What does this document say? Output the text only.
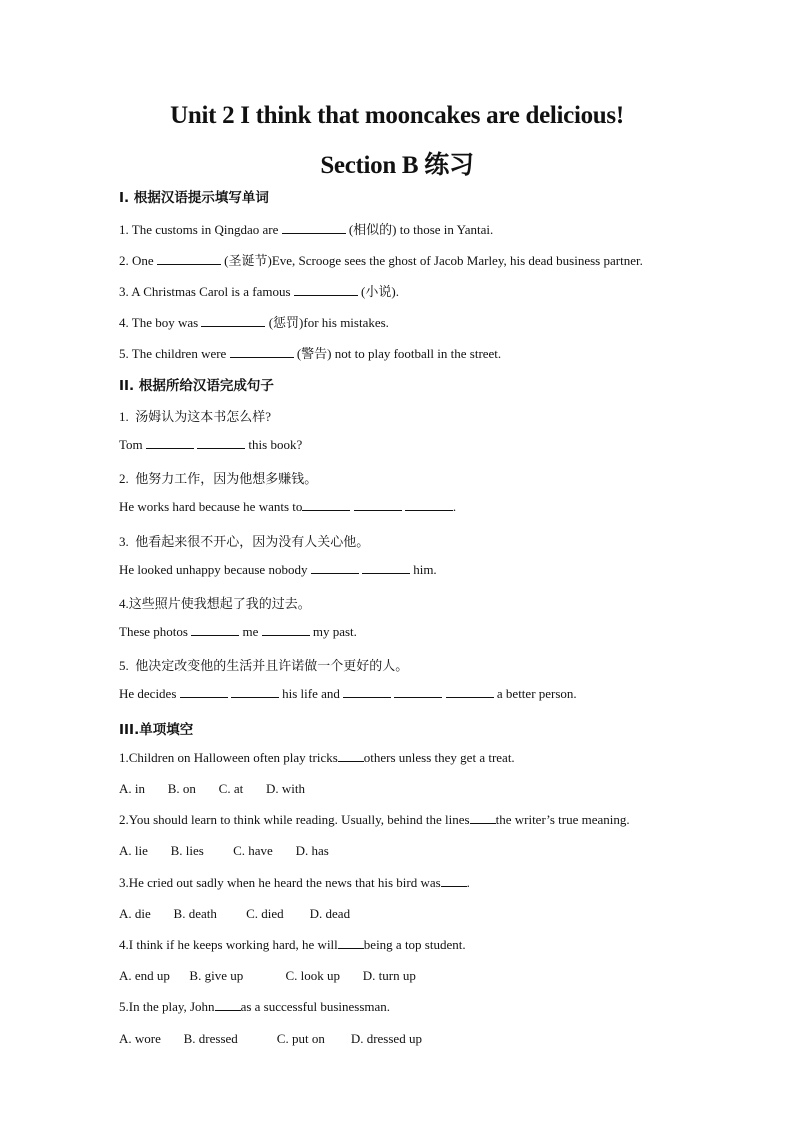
Unit 2 I think that mooncakes are delicious!
Section B 练习
I. 根据汉语提示填写单词
1. The customs in Qingdao are	(相似的) to those in Yantai.
2. One	(圣诞节)Eve, Scrooge sees the ghost of Jacob Marley, his dead business partner.
3. A Christmas Carol is a famous	(小说).
4. The boy was	(惩罚)for his mistakes.
5. The children were	(警告) not to play football in the street.
II. 根据所给汉语完成句子
1.  汤姆认为这本书怎么样?
Tom	this book?
2.  他努力工作，因为他想多赚钱。
He works hard because he wants to	.
3.  他看起来很不开心，因为没有人关心他。
He looked unhappy because nobody	him.
4.这些照片使我想起了我的过去。
These photos	me	my past.
5.  他决定改变他的生活并且许诺做一个更好的人。
He decides	his life and	a better person.
III.单项填空
1.Children on Halloween often play tricks others unless they get a treat.
A. in       B. on       C. at       D. with
2.You should learn to think while reading. Usually, behind the lines the writer’s true meaning.
A. lie       B. lies         C. have       D. has
3.He cried out sadly when he heard the news that his bird was .
A. die       B. death         C. died        D. dead
4.I think if he keeps working hard, he will being a top student.
A. end up      B. give up             C. look up       D. turn up
5.In the play, John as a successful businessman.
A. wore       B. dressed            C. put on        D. dressed up
